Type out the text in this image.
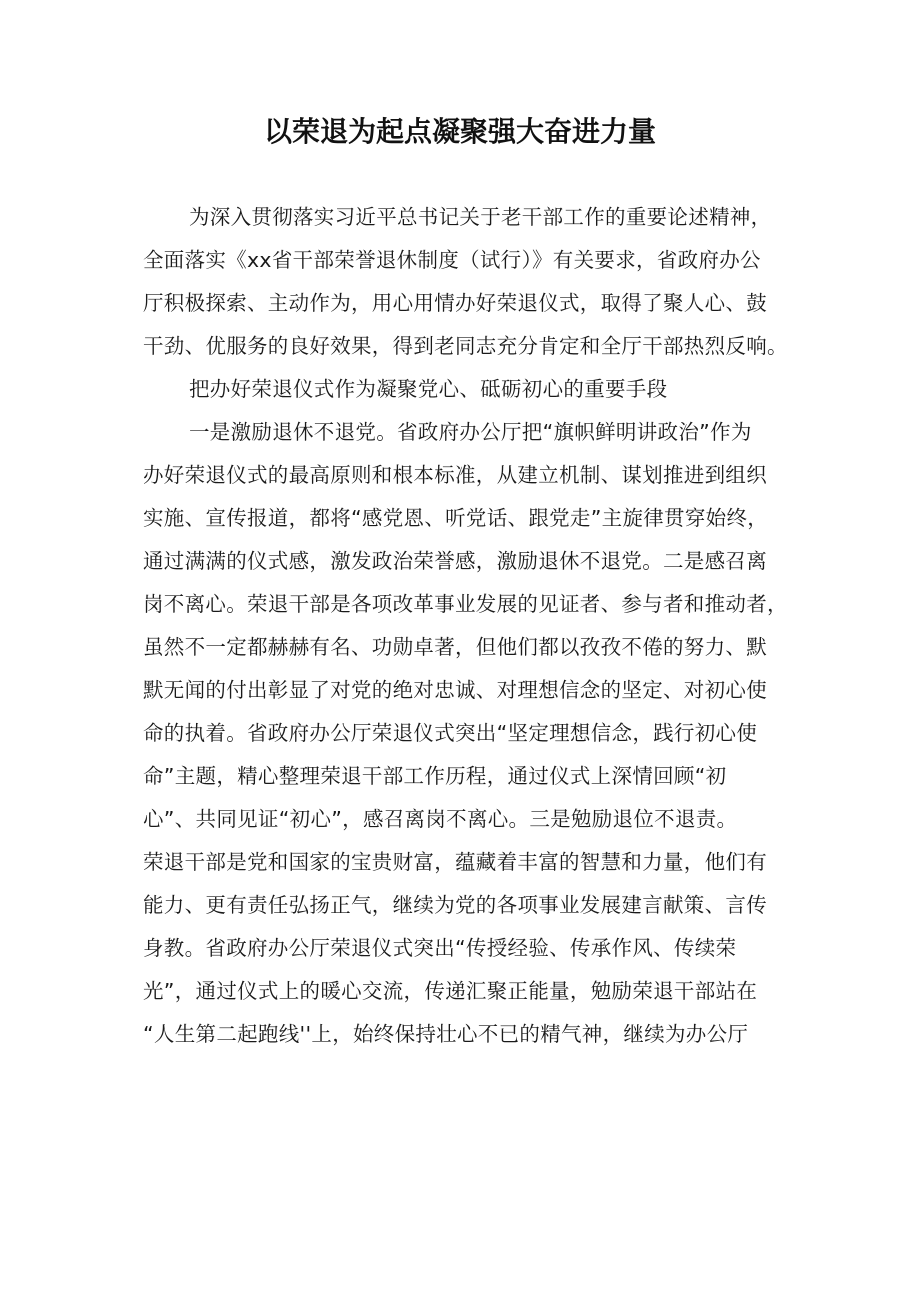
以荣退为起点凝聚强大奋进力量
为深入贯彻落实习近平总书记关于老干部工作的重要论述精神，
全面落实《xx省干部荣誉退休制度（试行）》有关要求，省政府办公
厅积极探索、主动作为，用心用情办好荣退仪式，取得了聚人心、鼓
干劲、优服务的良好效果，得到老同志充分肯定和全厅干部热烈反响。
把办好荣退仪式作为凝聚党心、砥砺初心的重要手段
一是激励退休不退党。省政府办公厅把“旗帜鲜明讲政治”作为
办好荣退仪式的最高原则和根本标准，从建立机制、谋划推进到组织
实施、宣传报道，都将“感党恩、听党话、跟党走”主旋律贯穿始终，
通过满满的仪式感，激发政治荣誉感，激励退休不退党。二是感召离
岗不离心。荣退干部是各项改革事业发展的见证者、参与者和推动者，
虽然不一定都赫赫有名、功勋卓著，但他们都以孜孜不倦的努力、默
默无闻的付出彰显了对党的绝对忠诚、对理想信念的坚定、对初心使
命的执着。省政府办公厅荣退仪式突出“坚定理想信念，践行初心使
命”主题，精心整理荣退干部工作历程，通过仪式上深情回顾“初
心”、共同见证“初心”，感召离岗不离心。三是勉励退位不退责。
荣退干部是党和国家的宝贵财富，蕴藏着丰富的智慧和力量，他们有
能力、更有责任弘扬正气，继续为党的各项事业发展建言献策、言传
身教。省政府办公厅荣退仪式突出“传授经验、传承作风、传续荣
光”，通过仪式上的暖心交流，传递汇聚正能量，勉励荣退干部站在
“人生第二起跑线''上，始终保持壮心不已的精气神，继续为办公厅
